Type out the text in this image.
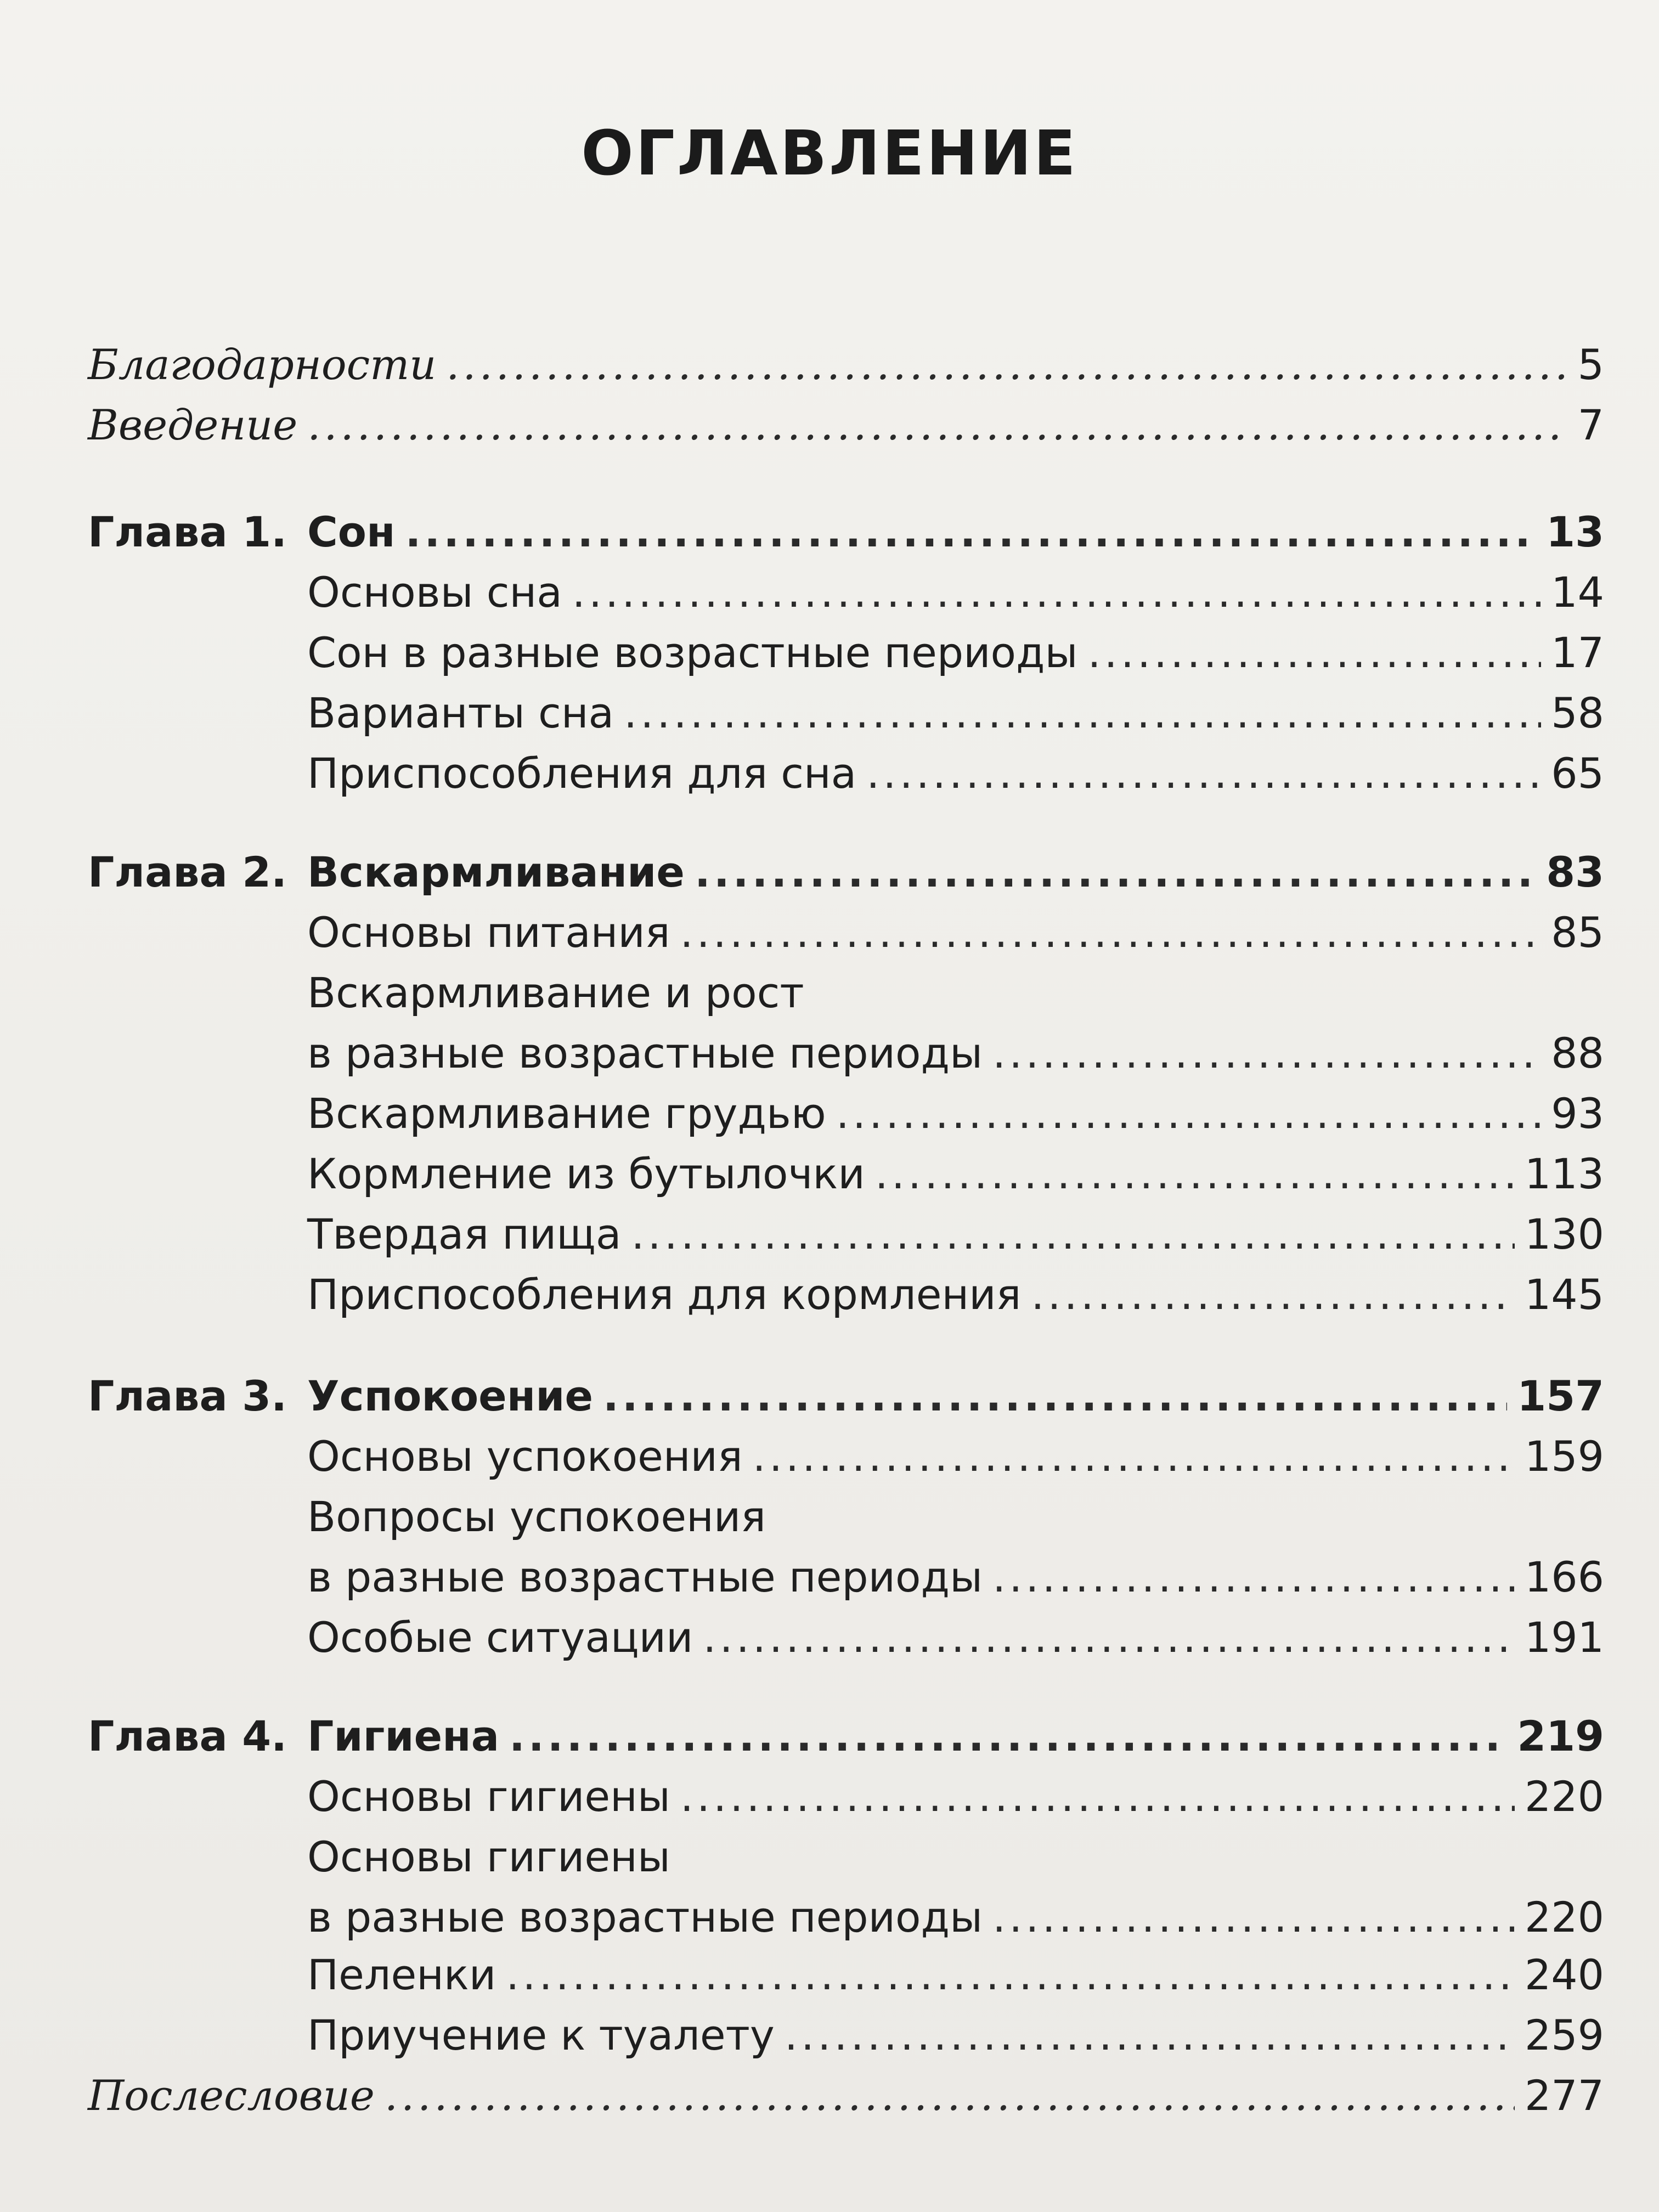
ОГЛАВЛЕНИЕ
Благодарности .....	5
Введение .....	7
Глава 1. Сон .....	13
Основы сна .....	14
Сон в разные возрастные периоды .....	17
Варианты сна .....	58
Приспособления для сна .....	65
Глава 2. Вскармливание .....	83
Основы питания .....	85
Вскармливание и рост
в разные возрастные периоды .....	88
Вскармливание грудью .....	93
Кормление из бутылочки .....	113
Твердая пища .....	130
Приспособления для кормления .....	145
Глава 3. Успокоение .....	157
Основы успокоения .....	159
Вопросы успокоения
в разные возрастные периоды .....	166
Особые ситуации .....	191
Глава 4. Гигиена .....	219
Основы гигиены .....	220
Основы гигиены
в разные возрастные периоды .....	220
Пеленки .....	240
Приучение к туалету .....	259
Послесловие .....	277
